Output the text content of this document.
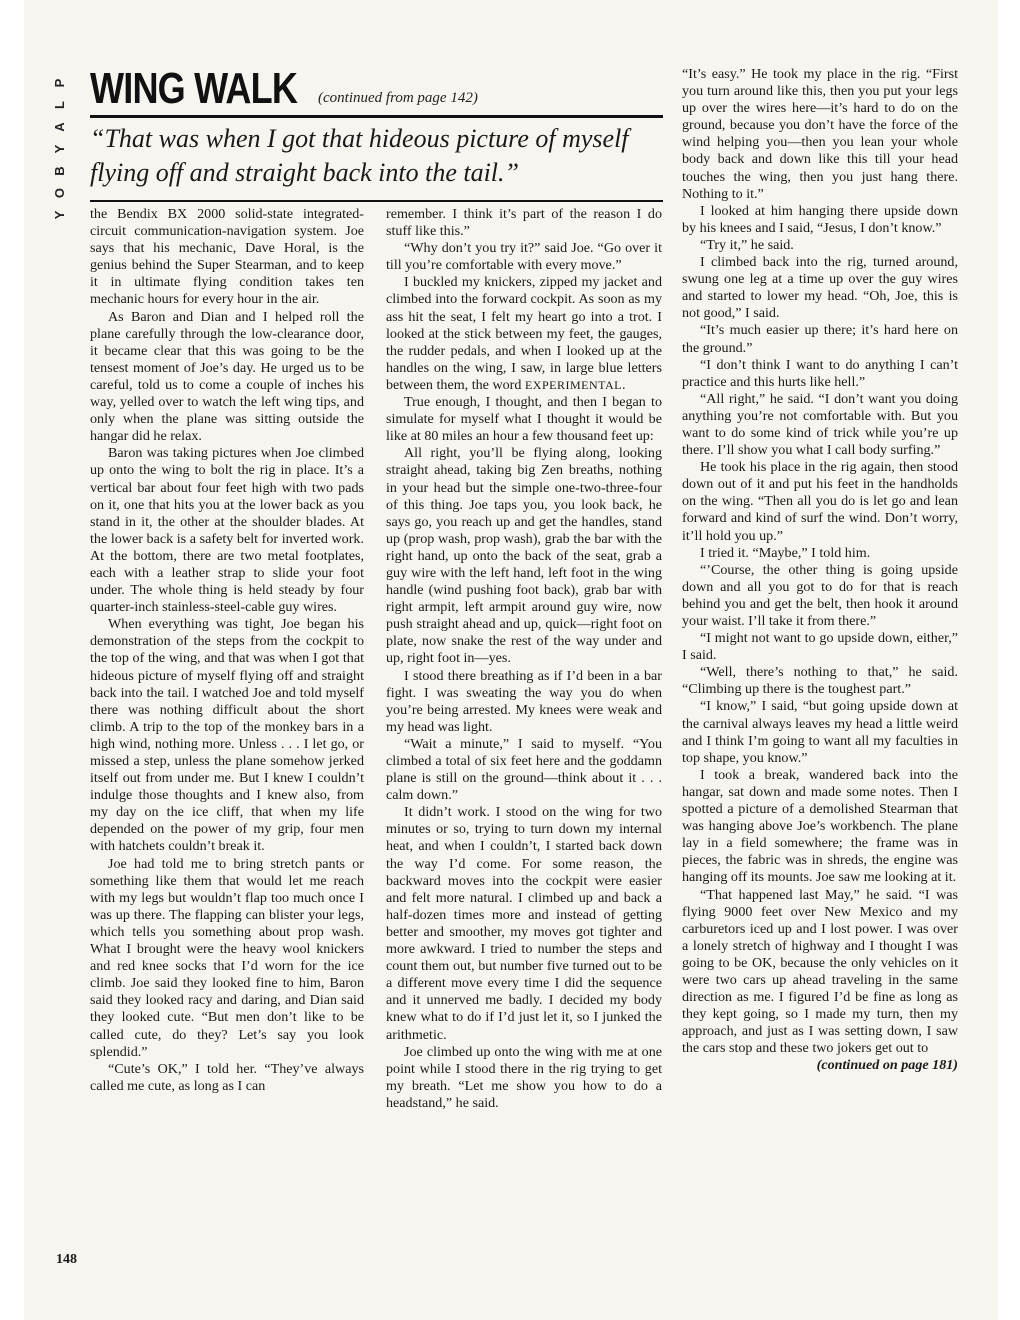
P
L
A
Y
B
O
Y
WING WALK (continued from page 142)
“That was when I got that hideous picture of myself flying off and straight back into the tail.”

the Bendix BX 2000 solid-state integrated-circuit communication-navigation system. Joe says that his mechanic, Dave Horal, is the genius behind the Super Stearman, and to keep it in ultimate flying condition takes ten mechanic hours for every hour in the air.

As Baron and Dian and I helped roll the plane carefully through the low-clearance door, it became clear that this was going to be the tensest moment of Joe’s day. He urged us to be careful, told us to come a couple of inches his way, yelled over to watch the left wing tips, and only when the plane was sitting outside the hangar did he relax.

Baron was taking pictures when Joe climbed up onto the wing to bolt the rig in place. It’s a vertical bar about four feet high with two pads on it, one that hits you at the lower back as you stand in it, the other at the shoulder blades. At the lower back is a safety belt for inverted work. At the bottom, there are two metal footplates, each with a leather strap to slide your foot under. The whole thing is held steady by four quarter-inch stainless-steel-cable guy wires.

When everything was tight, Joe began his demonstration of the steps from the cockpit to the top of the wing, and that was when I got that hideous picture of myself flying off and straight back into the tail. I watched Joe and told myself there was nothing difficult about the short climb. A trip to the top of the monkey bars in a high wind, nothing more. Unless . . . I let go, or missed a step, unless the plane somehow jerked itself out from under me. But I knew I couldn’t indulge those thoughts and I knew also, from my day on the ice cliff, that when my life depended on the power of my grip, four men with hatchets couldn’t break it.

Joe had told me to bring stretch pants or something like them that would let me reach with my legs but wouldn’t flap too much once I was up there. The flapping can blister your legs, which tells you something about prop wash. What I brought were the heavy wool knickers and red knee socks that I’d worn for the ice climb. Joe said they looked fine to him, Baron said they looked racy and daring, and Dian said they looked cute. “But men don’t like to be called cute, do they? Let’s say you look splendid.”

“Cute’s OK,” I told her. “They’ve always called me cute, as long as I can

remember. I think it’s part of the reason I do stuff like this.”

“Why don’t you try it?” said Joe. “Go over it till you’re comfortable with every move.”

I buckled my knickers, zipped my jacket and climbed into the forward cockpit. As soon as my ass hit the seat, I felt my heart go into a trot. I looked at the stick between my feet, the gauges, the rudder pedals, and when I looked up at the handles on the wing, I saw, in large blue letters between them, the word EXPERIMENTAL.

True enough, I thought, and then I began to simulate for myself what I thought it would be like at 80 miles an hour a few thousand feet up:

All right, you’ll be flying along, looking straight ahead, taking big Zen breaths, nothing in your head but the simple one-two-three-four of this thing. Joe taps you, you look back, he says go, you reach up and get the handles, stand up (prop wash, prop wash), grab the bar with the right hand, up onto the back of the seat, grab a guy wire with the left hand, left foot in the wing handle (wind pushing foot back), grab bar with right armpit, left armpit around guy wire, now push straight ahead and up, quick—right foot on plate, now snake the rest of the way under and up, right foot in—yes.

I stood there breathing as if I’d been in a bar fight. I was sweating the way you do when you’re being arrested. My knees were weak and my head was light.

“Wait a minute,” I said to myself. “You climbed a total of six feet here and the goddamn plane is still on the ground—think about it . . . calm down.”

It didn’t work. I stood on the wing for two minutes or so, trying to turn down my internal heat, and when I couldn’t, I started back down the way I’d come. For some reason, the backward moves into the cockpit were easier and felt more natural. I climbed up and back a half-dozen times more and instead of getting better and smoother, my moves got tighter and more awkward. I tried to number the steps and count them out, but number five turned out to be a different move every time I did the sequence and it unnerved me badly. I decided my body knew what to do if I’d just let it, so I junked the arithmetic.

Joe climbed up onto the wing with me at one point while I stood there in the rig trying to get my breath. “Let me show you how to do a headstand,” he said.

“It’s easy.” He took my place in the rig. “First you turn around like this, then you put your legs up over the wires here—it’s hard to do on the ground, because you don’t have the force of the wind helping you—then you lean your whole body back and down like this till your head touches the wing, then you just hang there. Nothing to it.”

I looked at him hanging there upside down by his knees and I said, “Jesus, I don’t know.”

“Try it,” he said.

I climbed back into the rig, turned around, swung one leg at a time up over the guy wires and started to lower my head. “Oh, Joe, this is not good,” I said.

“It’s much easier up there; it’s hard here on the ground.”

“I don’t think I want to do anything I can’t practice and this hurts like hell.”

“All right,” he said. “I don’t want you doing anything you’re not comfortable with. But you want to do some kind of trick while you’re up there. I’ll show you what I call body surfing.”

He took his place in the rig again, then stood down out of it and put his feet in the handholds on the wing. “Then all you do is let go and lean forward and kind of surf the wind. Don’t worry, it’ll hold you up.”

I tried it. “Maybe,” I told him.

“’Course, the other thing is going upside down and all you got to do for that is reach behind you and get the belt, then hook it around your waist. I’ll take it from there.”

“I might not want to go upside down, either,” I said.

“Well, there’s nothing to that,” he said. “Climbing up there is the toughest part.”

“I know,” I said, “but going upside down at the carnival always leaves my head a little weird and I think I’m going to want all my faculties in top shape, you know.”

I took a break, wandered back into the hangar, sat down and made some notes. Then I spotted a picture of a demolished Stearman that was hanging above Joe’s workbench. The plane lay in a field somewhere; the frame was in pieces, the fabric was in shreds, the engine was hanging off its mounts. Joe saw me looking at it.

“That happened last May,” he said. “I was flying 9000 feet over New Mexico and my carburetors iced up and I lost power. I was over a lonely stretch of highway and I thought I was going to be OK, because the only vehicles on it were two cars up ahead traveling in the same direction as me. I figured I’d be fine as long as they kept going, so I made my turn, then my approach, and just as I was setting down, I saw the cars stop and these two jokers get out to

(continued on page 181)

148
